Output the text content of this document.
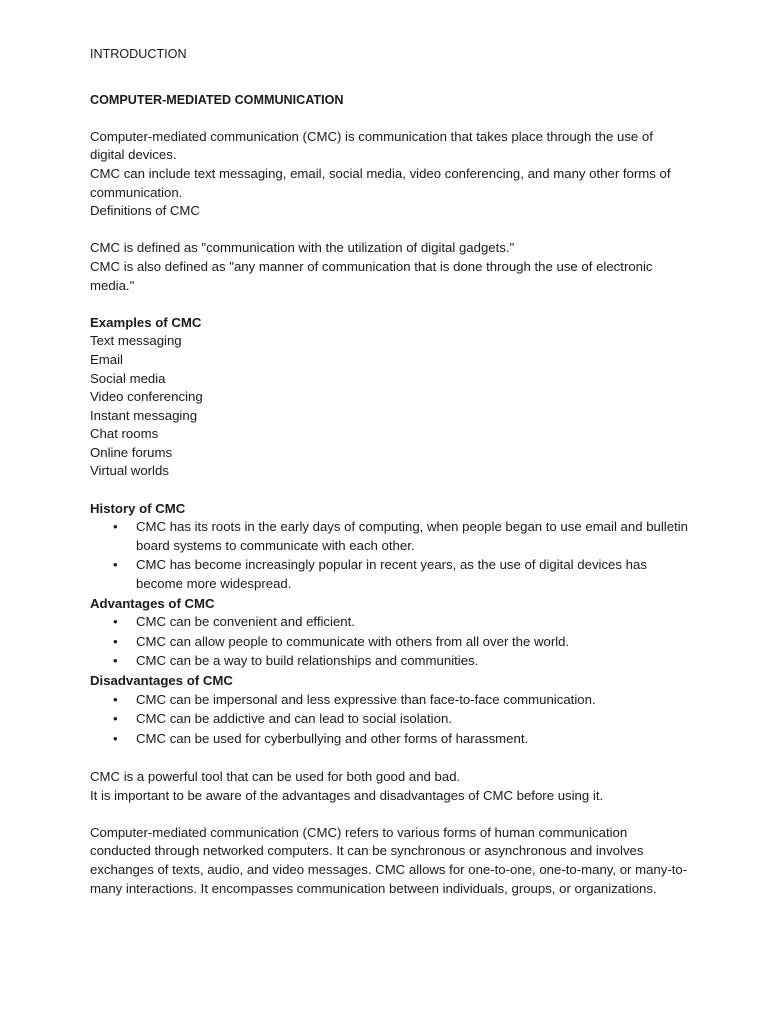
INTRODUCTION
COMPUTER-MEDIATED COMMUNICATION
Computer-mediated communication (CMC) is communication that takes place through the use of digital devices.
CMC can include text messaging, email, social media, video conferencing, and many other forms of communication.
Definitions of CMC
CMC is defined as "communication with the utilization of digital gadgets."
CMC is also defined as "any manner of communication that is done through the use of electronic media."
Examples of CMC
Text messaging
Email
Social media
Video conferencing
Instant messaging
Chat rooms
Online forums
Virtual worlds
History of CMC
•	CMC has its roots in the early days of computing, when people began to use email and bulletin board systems to communicate with each other.
•	CMC has become increasingly popular in recent years, as the use of digital devices has become more widespread.
Advantages of CMC
•	CMC can be convenient and efficient.
•	CMC can allow people to communicate with others from all over the world.
•	CMC can be a way to build relationships and communities.
Disadvantages of CMC
•	CMC can be impersonal and less expressive than face-to-face communication.
•	CMC can be addictive and can lead to social isolation.
•	CMC can be used for cyberbullying and other forms of harassment.
CMC is a powerful tool that can be used for both good and bad.
It is important to be aware of the advantages and disadvantages of CMC before using it.
Computer-mediated communication (CMC) refers to various forms of human communication conducted through networked computers. It can be synchronous or asynchronous and involves exchanges of texts, audio, and video messages. CMC allows for one-to-one, one-to-many, or many-to-many interactions. It encompasses communication between individuals, groups, or organizations.
